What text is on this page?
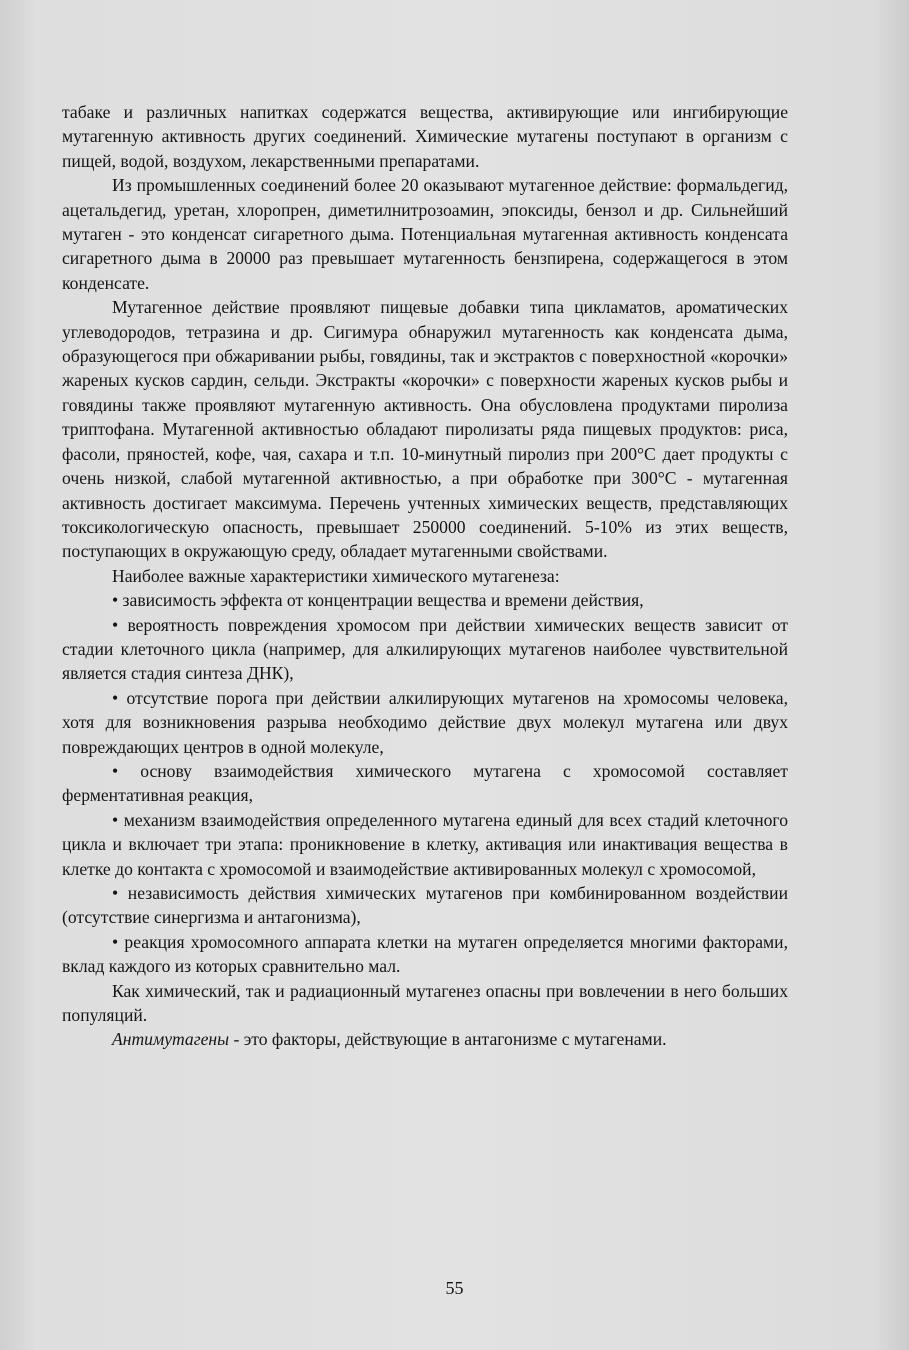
табаке и различных напитках содержатся вещества, активирующие или ингибирующие мутагенную активность других соединений. Химические мутагены поступают в организм с пищей, водой, воздухом, лекарственными препаратами.

Из промышленных соединений более 20 оказывают мутагенное действие: формальдегид, ацетальдегид, уретан, хлоропрен, диметилнитрозоамин, эпоксиды, бензол и др. Сильнейший мутаген - это конденсат сигаретного дыма. Потенциальная мутагенная активность конденсата сигаретного дыма в 20000 раз превышает мутагенность бензпирена, содержащегося в этом конденсате.

Мутагенное действие проявляют пищевые добавки типа цикламатов, ароматических углеводородов, тетразина и др. Сигимура обнаружил мутагенность как конденсата дыма, образующегося при обжаривании рыбы, говядины, так и экстрактов с поверхностной «корочки» жареных кусков сардин, сельди. Экстракты «корочки» с поверхности жареных кусков рыбы и говядины также проявляют мутагенную активность. Она обусловлена продуктами пиролиза триптофана. Мутагенной активностью обладают пиролизаты ряда пищевых продуктов: риса, фасоли, пряностей, кофе, чая, сахара и т.п. 10-минутный пиролиз при 200°С дает продукты с очень низкой, слабой мутагенной активностью, а при обработке при 300°С - мутагенная активность достигает максимума. Перечень учтенных химических веществ, представляющих токсикологическую опасность, превышает 250000 соединений. 5-10% из этих веществ, поступающих в окружающую среду, обладает мутагенными свойствами.

Наиболее важные характеристики химического мутагенеза:

• зависимость эффекта от концентрации вещества и времени действия,

• вероятность повреждения хромосом при действии химических веществ зависит от стадии клеточного цикла (например, для алкилирующих мутагенов наиболее чувствительной является стадия синтеза ДНК),

• отсутствие порога при действии алкилирующих мутагенов на хромосомы человека, хотя для возникновения разрыва необходимо действие двух молекул мутагена или двух повреждающих центров в одной молекуле,

• основу взаимодействия химического мутагена с хромосомой составляет ферментативная реакция,

• механизм взаимодействия определенного мутагена единый для всех стадий клеточного цикла и включает три этапа: проникновение в клетку, активация или инактивация вещества в клетке до контакта с хромосомой и взаимодействие активированных молекул с хромосомой,

• независимость действия химических мутагенов при комбинированном воздействии (отсутствие синергизма и антагонизма),

• реакция хромосомного аппарата клетки на мутаген определяется многими факторами, вклад каждого из которых сравнительно мал.

Как химический, так и радиационный мутагенез опасны при вовлечении в него больших популяций.

Антимутагены - это факторы, действующие в антагонизме с мутагенами.

55
